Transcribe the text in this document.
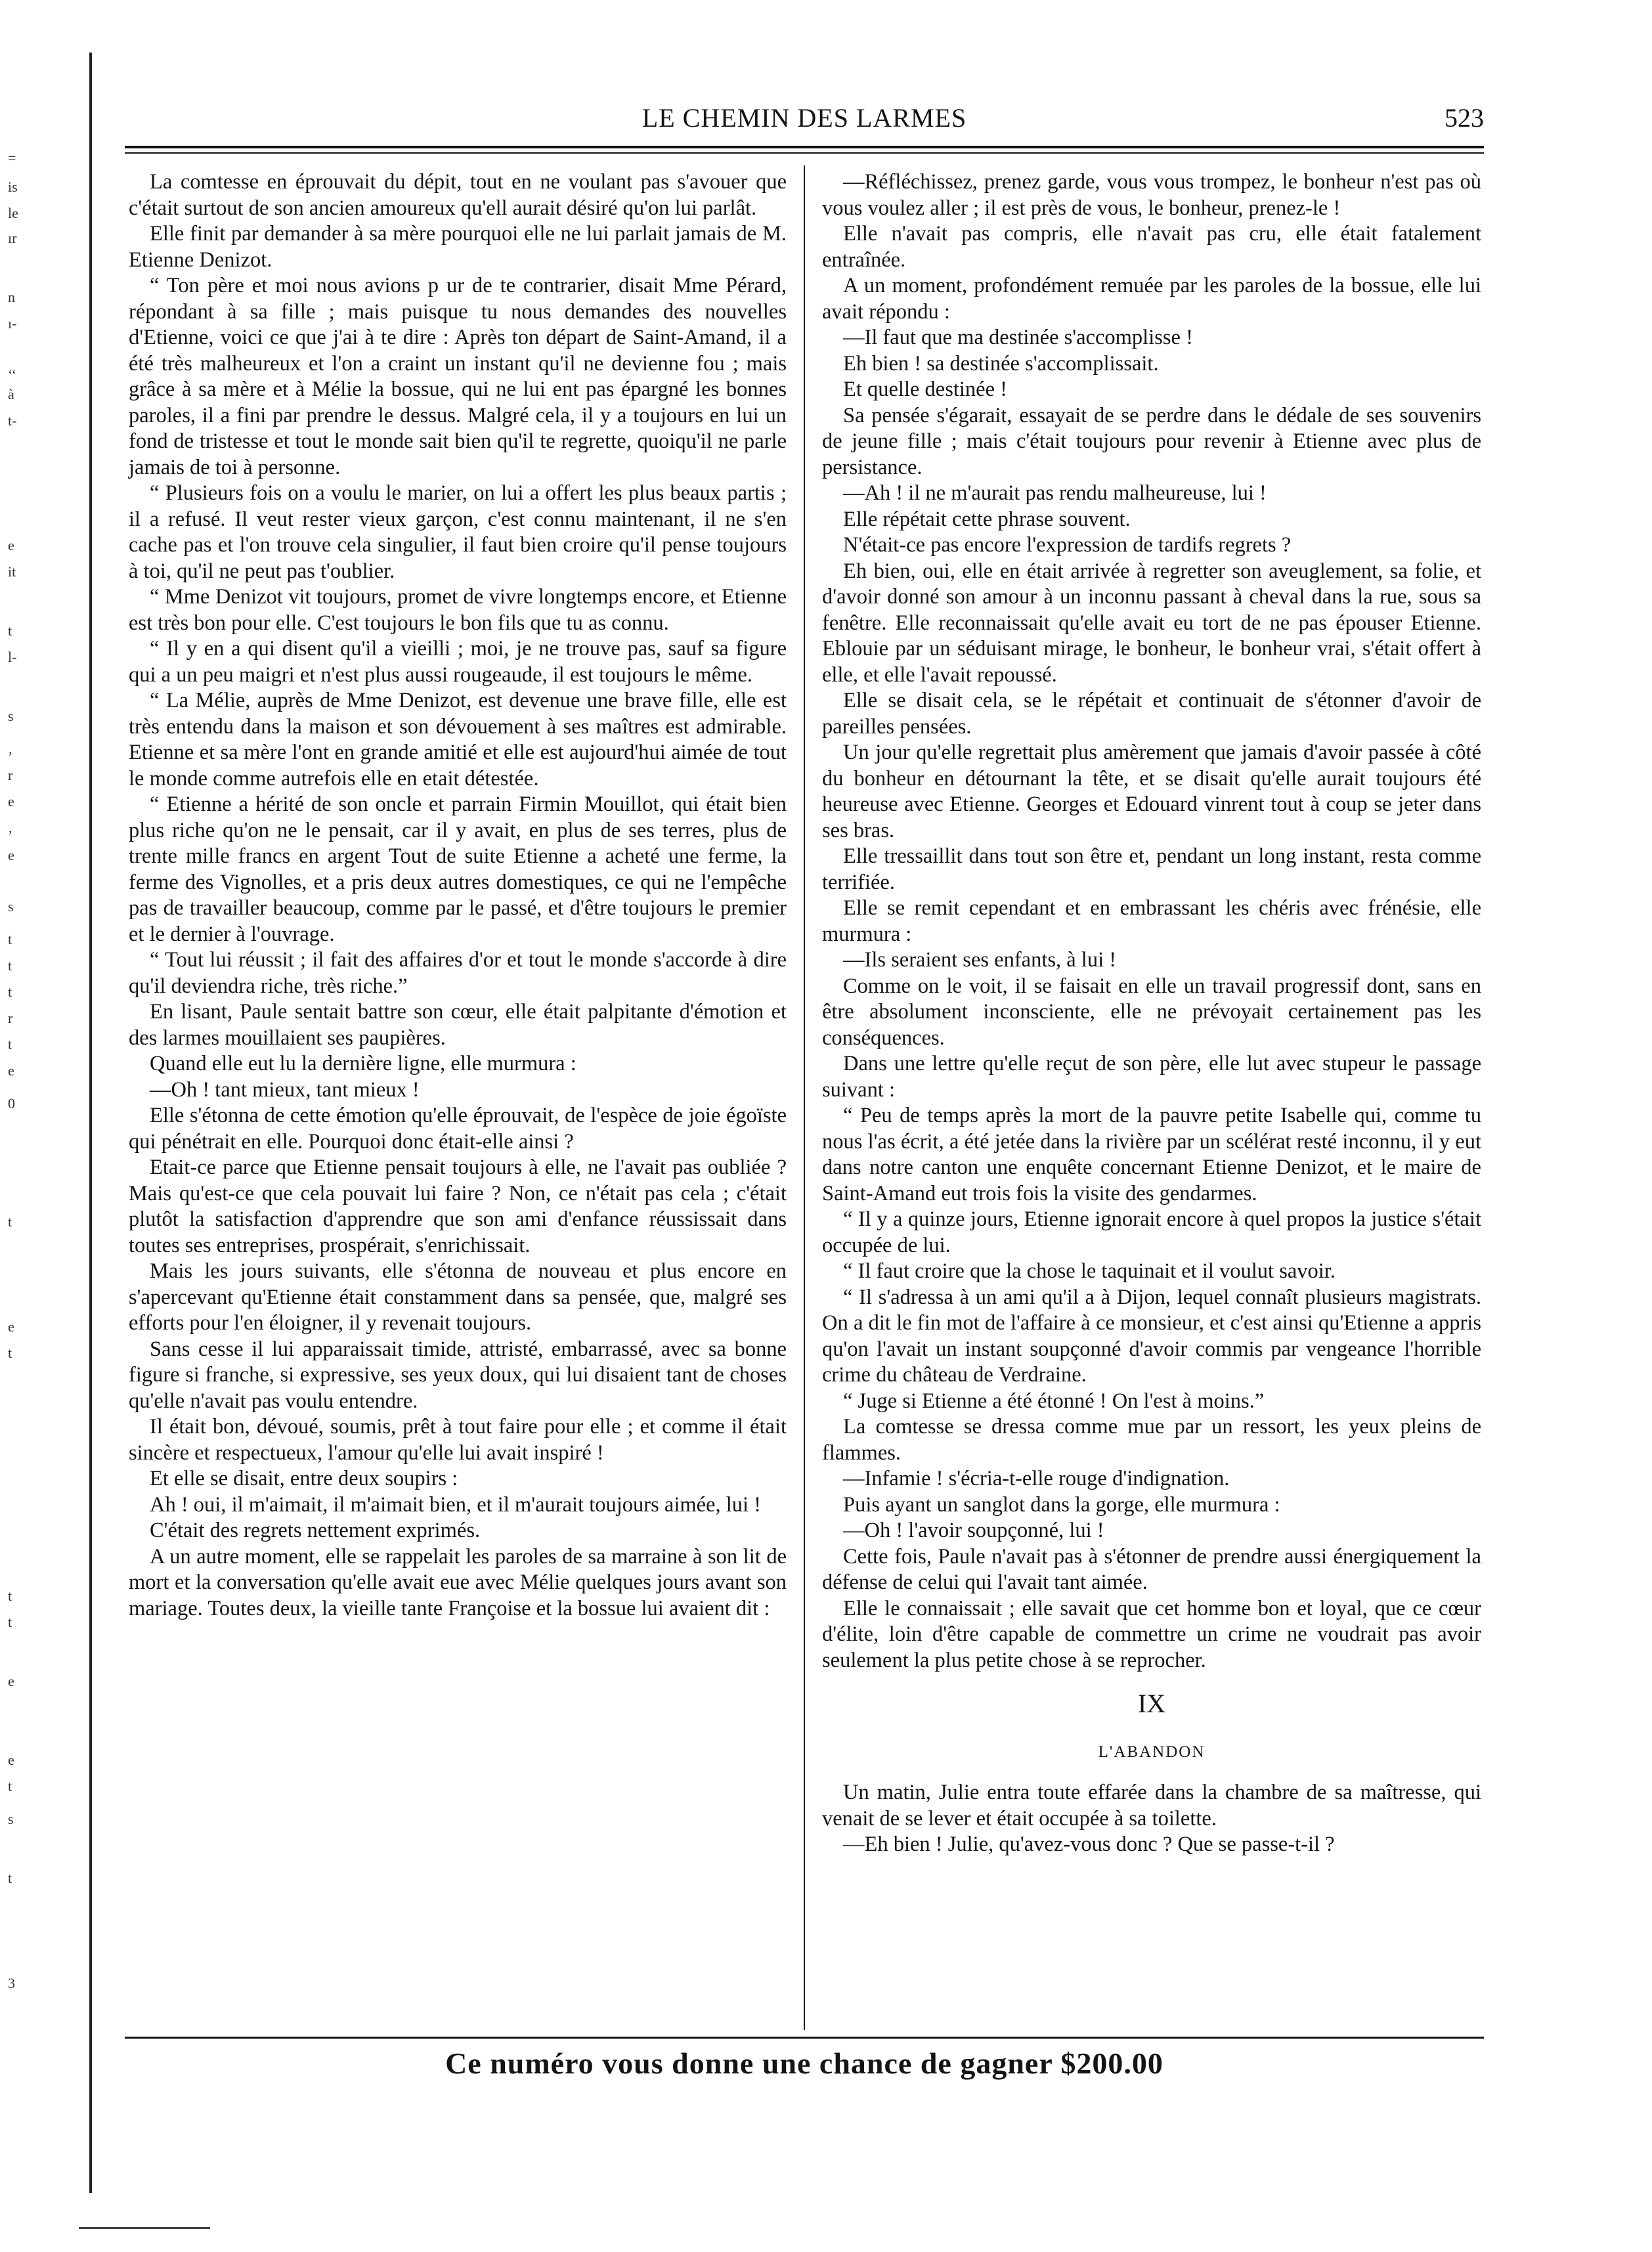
=
is
le
ır
n
ı-
‘‘
à
t-
e
it
t
l-
s
‚
r
e
‚
e
s
t
t
t
r
t
e
0
t
e
t
t
t
e
e
t
s
t
3
LE CHEMIN DES LARMES	523

La comtesse en éprouvait du dépit, tout en ne voulant pas s'avouer que c'était surtout de son ancien amoureux qu'ell aurait désiré qu'on lui parlât.

Elle finit par demander à sa mère pourquoi elle ne lui parlait jamais de M. Etienne Denizot.

“ Ton père et moi nous avions p ur de te contrarier, disait Mme Pérard, répondant à sa fille ; mais puisque tu nous demandes des nouvelles d'Etienne, voici ce que j'ai à te dire : Après ton départ de Saint-Amand, il a été très malheureux et l'on a craint un instant qu'il ne devienne fou ; mais grâce à sa mère et à Mélie la bossue, qui ne lui ent pas épargné les bonnes paroles, il a fini par prendre le dessus. Malgré cela, il y a toujours en lui un fond de tristesse et tout le monde sait bien qu'il te regrette, quoiqu'il ne parle jamais de toi à personne.

“ Plusieurs fois on a voulu le marier, on lui a offert les plus beaux partis ; il a refusé. Il veut rester vieux garçon, c'est connu maintenant, il ne s'en cache pas et l'on trouve cela singulier, il faut bien croire qu'il pense toujours à toi, qu'il ne peut pas t'oublier.

“ Mme Denizot vit toujours, promet de vivre longtemps encore, et Etienne est très bon pour elle. C'est toujours le bon fils que tu as connu.

“ Il y en a qui disent qu'il a vieilli ; moi, je ne trouve pas, sauf sa figure qui a un peu maigri et n'est plus aussi rougeaude, il est toujours le même.

“ La Mélie, auprès de Mme Denizot, est devenue une brave fille, elle est très entendu dans la maison et son dévouement à ses maîtres est admirable. Etienne et sa mère l'ont en grande amitié et elle est aujourd'hui aimée de tout le monde comme autrefois elle en etait détestée.

“ Etienne a hérité de son oncle et parrain Firmin Mouillot, qui était bien plus riche qu'on ne le pensait, car il y avait, en plus de ses terres, plus de trente mille francs en argent Tout de suite Etienne a acheté une ferme, la ferme des Vignolles, et a pris deux autres domestiques, ce qui ne l'empêche pas de travailler beaucoup, comme par le passé, et d'être toujours le premier et le dernier à l'ouvrage.

“ Tout lui réussit ; il fait des affaires d'or et tout le monde s'accorde à dire qu'il deviendra riche, très riche.”

En lisant, Paule sentait battre son cœur, elle était palpitante d'émotion et des larmes mouillaient ses paupières.

Quand elle eut lu la dernière ligne, elle murmura :

—Oh ! tant mieux, tant mieux !

Elle s'étonna de cette émotion qu'elle éprouvait, de l'espèce de joie égoïste qui pénétrait en elle. Pourquoi donc était-elle ainsi ?

Etait-ce parce que Etienne pensait toujours à elle, ne l'avait pas oubliée ? Mais qu'est-ce que cela pouvait lui faire ? Non, ce n'était pas cela ; c'était plutôt la satisfaction d'apprendre que son ami d'enfance réussissait dans toutes ses entreprises, prospérait, s'enrichissait.

Mais les jours suivants, elle s'étonna de nouveau et plus encore en s'apercevant qu'Etienne était constamment dans sa pensée, que, malgré ses efforts pour l'en éloigner, il y revenait toujours.

Sans cesse il lui apparaissait timide, attristé, embarrassé, avec sa bonne figure si franche, si expressive, ses yeux doux, qui lui disaient tant de choses qu'elle n'avait pas voulu entendre.

Il était bon, dévoué, soumis, prêt à tout faire pour elle ; et comme il était sincère et respectueux, l'amour qu'elle lui avait inspiré !

Et elle se disait, entre deux soupirs :

Ah ! oui, il m'aimait, il m'aimait bien, et il m'aurait toujours aimée, lui !

C'était des regrets nettement exprimés.

A un autre moment, elle se rappelait les paroles de sa marraine à son lit de mort et la conversation qu'elle avait eue avec Mélie quelques jours avant son mariage. Toutes deux, la vieille tante Françoise et la bossue lui avaient dit :

—Réfléchissez, prenez garde, vous vous trompez, le bonheur n'est pas où vous voulez aller ; il est près de vous, le bonheur, prenez-le !

Elle n'avait pas compris, elle n'avait pas cru, elle était fatalement entraînée.

A un moment, profondément remuée par les paroles de la bossue, elle lui avait répondu :

—Il faut que ma destinée s'accomplisse !

Eh bien ! sa destinée s'accomplissait.

Et quelle destinée !

Sa pensée s'égarait, essayait de se perdre dans le dédale de ses souvenirs de jeune fille ; mais c'était toujours pour revenir à Etienne avec plus de persistance.

—Ah ! il ne m'aurait pas rendu malheureuse, lui !

Elle répétait cette phrase souvent.

N'était-ce pas encore l'expression de tardifs regrets ?

Eh bien, oui, elle en était arrivée à regretter son aveuglement, sa folie, et d'avoir donné son amour à un inconnu passant à cheval dans la rue, sous sa fenêtre. Elle reconnaissait qu'elle avait eu tort de ne pas épouser Etienne. Eblouie par un séduisant mirage, le bonheur, le bonheur vrai, s'était offert à elle, et elle l'avait repoussé.

Elle se disait cela, se le répétait et continuait de s'étonner d'avoir de pareilles pensées.

Un jour qu'elle regrettait plus amèrement que jamais d'avoir passée à côté du bonheur en détournant la tête, et se disait qu'elle aurait toujours été heureuse avec Etienne. Georges et Edouard vinrent tout à coup se jeter dans ses bras.

Elle tressaillit dans tout son être et, pendant un long instant, resta comme terrifiée.

Elle se remit cependant et en embrassant les chéris avec frénésie, elle murmura :

—Ils seraient ses enfants, à lui !

Comme on le voit, il se faisait en elle un travail progressif dont, sans en être absolument inconsciente, elle ne prévoyait certainement pas les conséquences.

Dans une lettre qu'elle reçut de son père, elle lut avec stupeur le passage suivant :

“ Peu de temps après la mort de la pauvre petite Isabelle qui, comme tu nous l'as écrit, a été jetée dans la rivière par un scélérat resté inconnu, il y eut dans notre canton une enquête concernant Etienne Denizot, et le maire de Saint-Amand eut trois fois la visite des gendarmes.

“ Il y a quinze jours, Etienne ignorait encore à quel propos la justice s'était occupée de lui.

“ Il faut croire que la chose le taquinait et il voulut savoir.

“ Il s'adressa à un ami qu'il a à Dijon, lequel connaît plusieurs magistrats. On a dit le fin mot de l'affaire à ce monsieur, et c'est ainsi qu'Etienne a appris qu'on l'avait un instant soupçonné d'avoir commis par vengeance l'horrible crime du château de Verdraine.

“ Juge si Etienne a été étonné ! On l'est à moins.”

La comtesse se dressa comme mue par un ressort, les yeux pleins de flammes.

—Infamie ! s'écria-t-elle rouge d'indignation.

Puis ayant un sanglot dans la gorge, elle murmura :

—Oh ! l'avoir soupçonné, lui !

Cette fois, Paule n'avait pas à s'étonner de prendre aussi énergiquement la défense de celui qui l'avait tant aimée.

Elle le connaissait ; elle savait que cet homme bon et loyal, que ce cœur d'élite, loin d'être capable de commettre un crime ne voudrait pas avoir seulement la plus petite chose à se reprocher.

IX
L'ABANDON

Un matin, Julie entra toute effarée dans la chambre de sa maîtresse, qui venait de se lever et était occupée à sa toilette.

—Eh bien ! Julie, qu'avez-vous donc ? Que se passe-t-il ?

Ce numéro vous donne une chance de gagner $200.00
